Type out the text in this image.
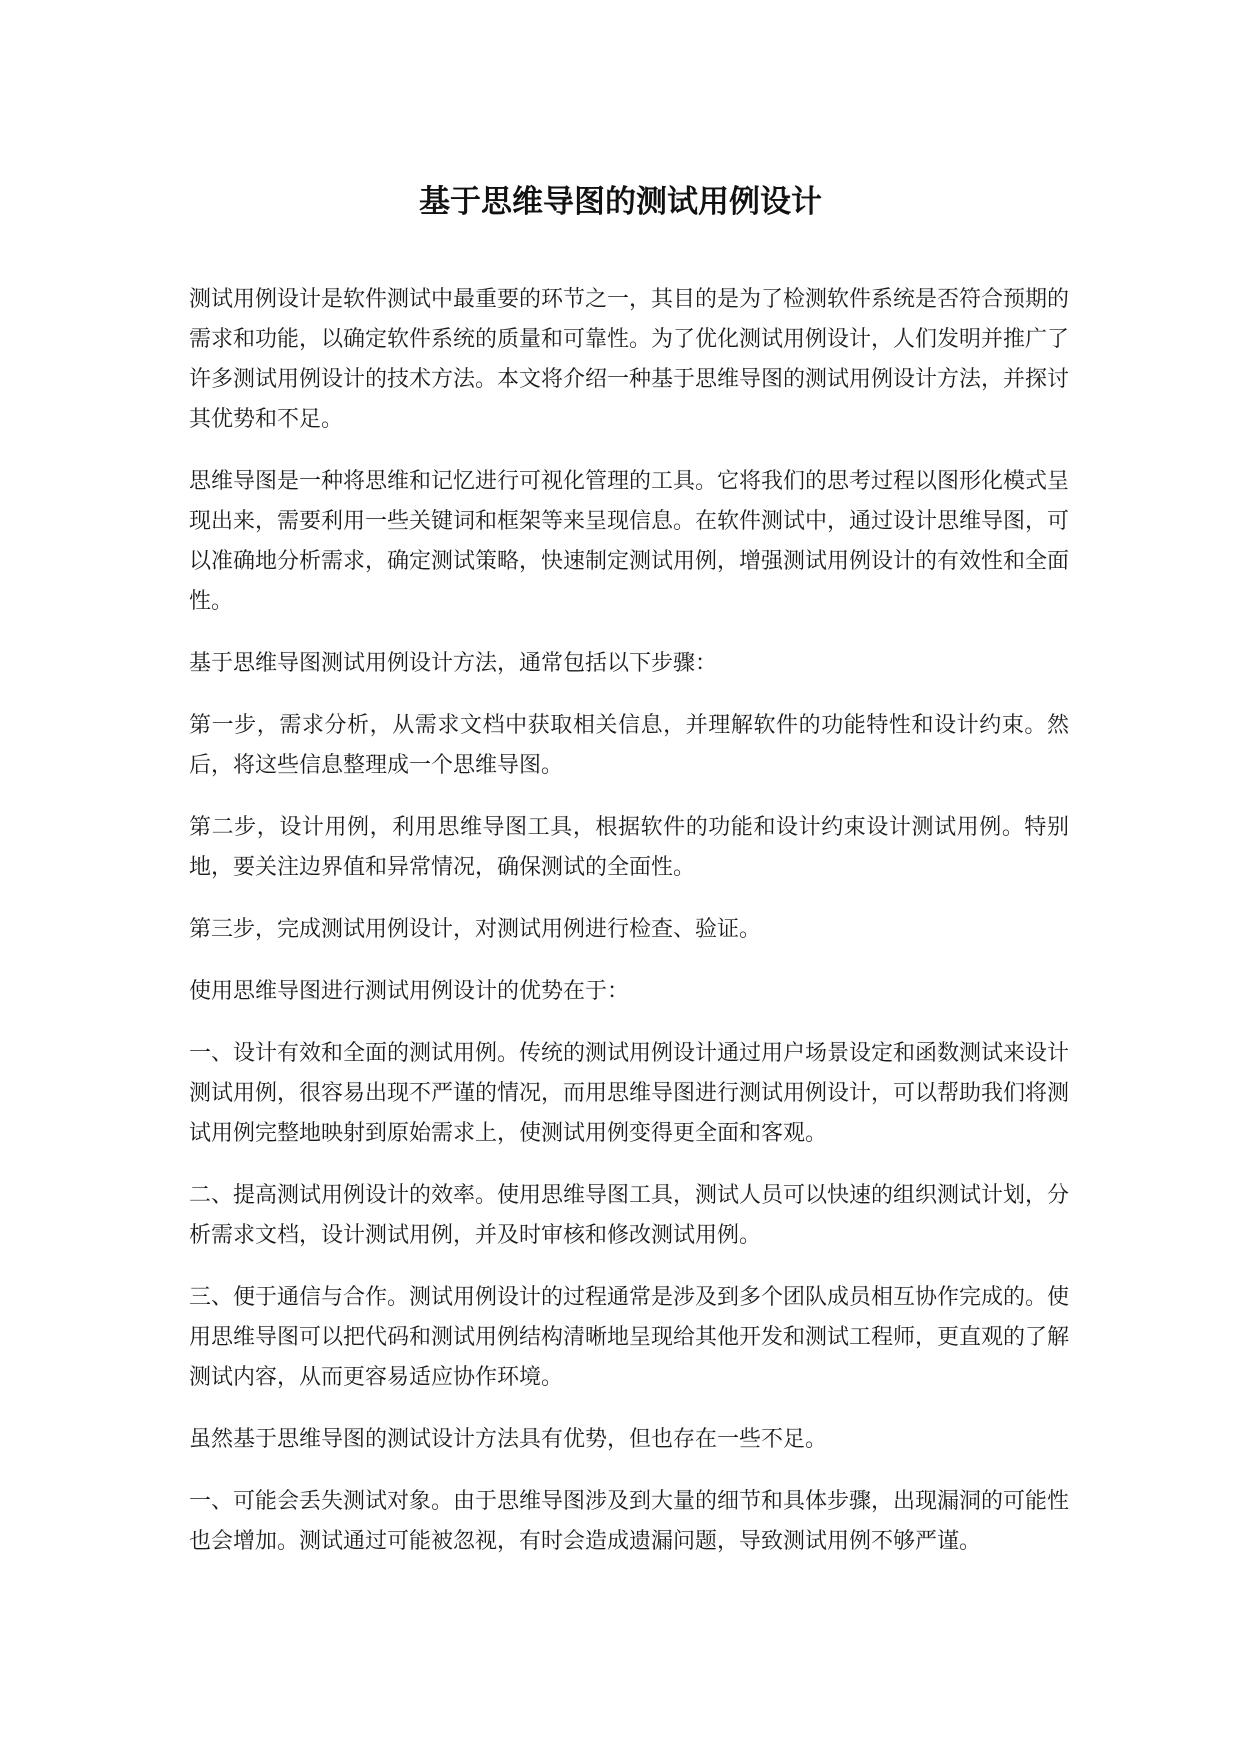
基于思维导图的测试用例设计

测试用例设计是软件测试中最重要的环节之一，其目的是为了检测软件系统是否符合预期的需求和功能，以确定软件系统的质量和可靠性。为了优化测试用例设计，人们发明并推广了许多测试用例设计的技术方法。本文将介绍一种基于思维导图的测试用例设计方法，并探讨其优势和不足。

思维导图是一种将思维和记忆进行可视化管理的工具。它将我们的思考过程以图形化模式呈现出来，需要利用一些关键词和框架等来呈现信息。在软件测试中，通过设计思维导图，可以准确地分析需求，确定测试策略，快速制定测试用例，增强测试用例设计的有效性和全面性。

基于思维导图测试用例设计方法，通常包括以下步骤：

第一步，需求分析，从需求文档中获取相关信息，并理解软件的功能特性和设计约束。然后，将这些信息整理成一个思维导图。

第二步，设计用例，利用思维导图工具，根据软件的功能和设计约束设计测试用例。特别地，要关注边界值和异常情况，确保测试的全面性。

第三步，完成测试用例设计，对测试用例进行检查、验证。

使用思维导图进行测试用例设计的优势在于：

一、设计有效和全面的测试用例。传统的测试用例设计通过用户场景设定和函数测试来设计测试用例，很容易出现不严谨的情况，而用思维导图进行测试用例设计，可以帮助我们将测试用例完整地映射到原始需求上，使测试用例变得更全面和客观。

二、提高测试用例设计的效率。使用思维导图工具，测试人员可以快速的组织测试计划，分析需求文档，设计测试用例，并及时审核和修改测试用例。

三、便于通信与合作。测试用例设计的过程通常是涉及到多个团队成员相互协作完成的。使用思维导图可以把代码和测试用例结构清晰地呈现给其他开发和测试工程师，更直观的了解测试内容，从而更容易适应协作环境。

虽然基于思维导图的测试设计方法具有优势，但也存在一些不足。

一、可能会丢失测试对象。由于思维导图涉及到大量的细节和具体步骤，出现漏洞的可能性也会增加。测试通过可能被忽视，有时会造成遗漏问题，导致测试用例不够严谨。
